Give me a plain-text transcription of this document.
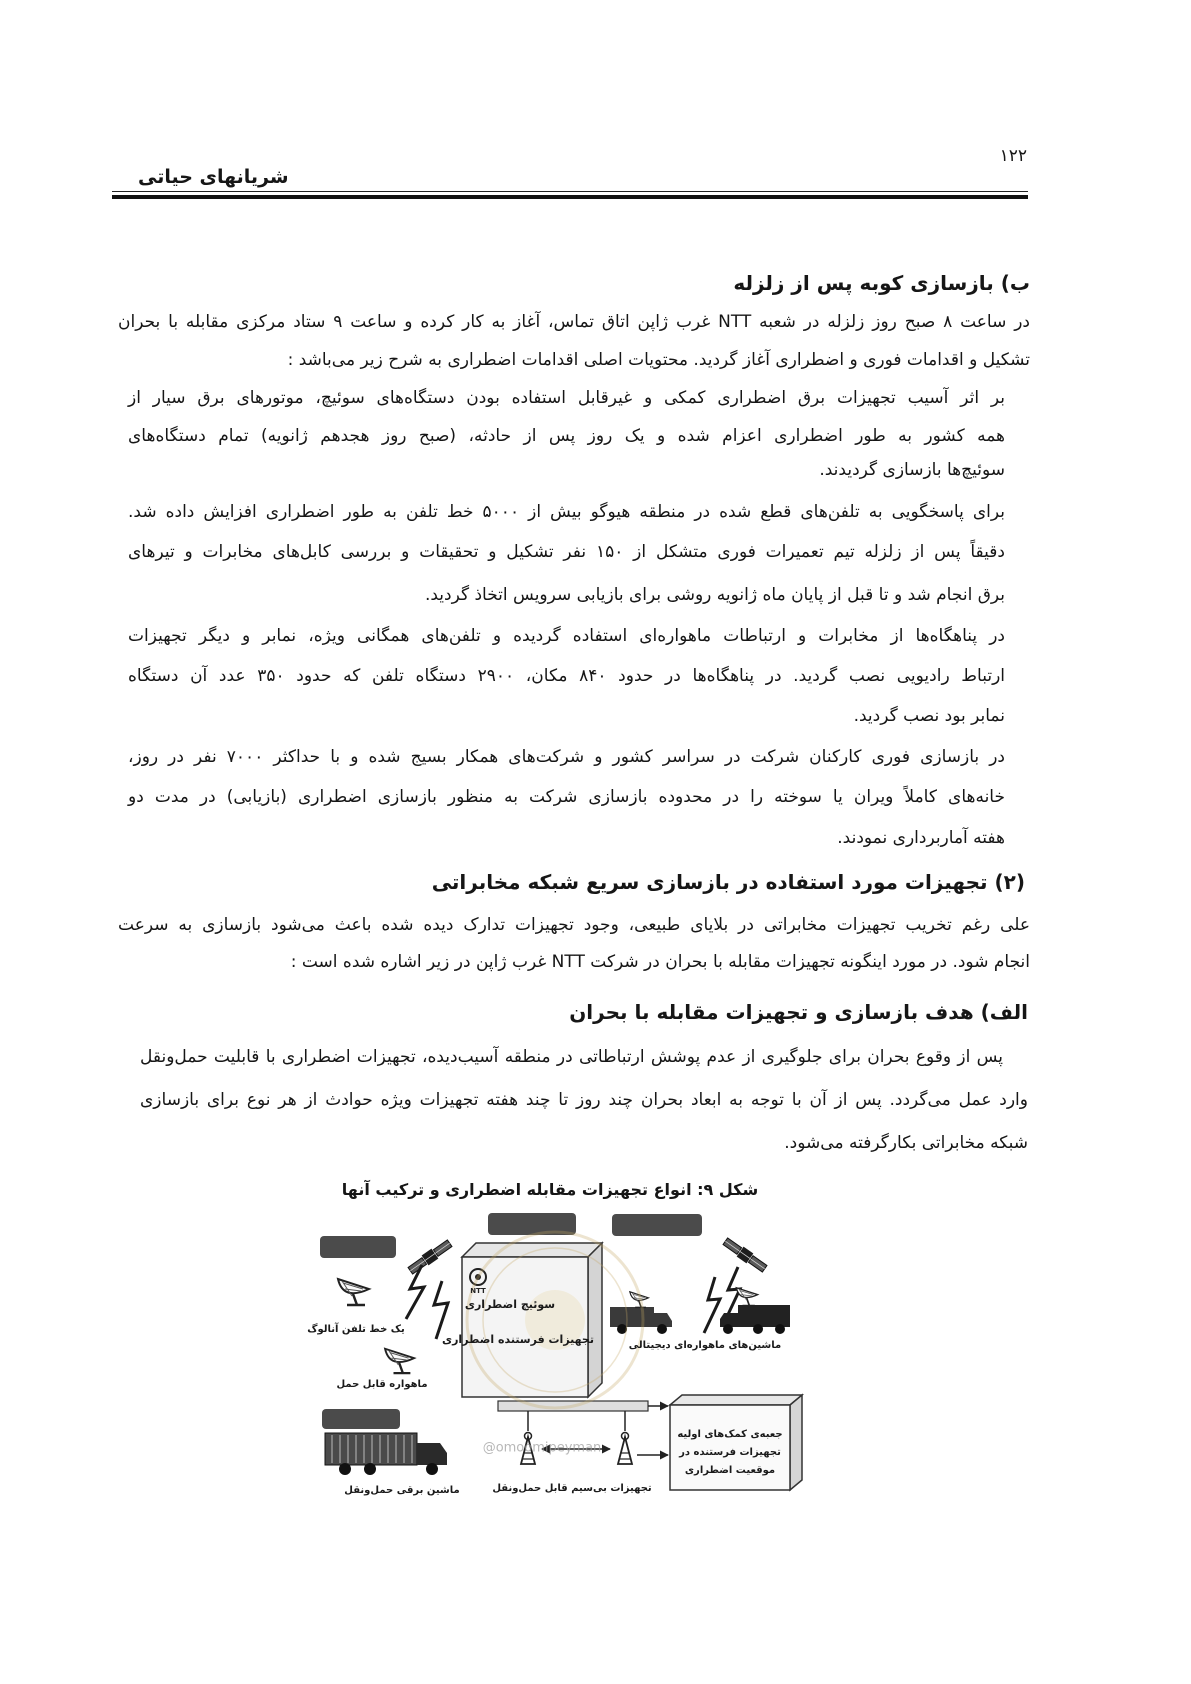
۱۲۲
شریانهای حیاتی
ب) بازسازی کوبه پس از زلزله
در ساعت ۸ صبح روز زلزله در شعبه NTT غرب ژاپن اتاق تماس، آغاز به کار کرده و ساعت ۹ ستاد مرکزی مقابله با بحران
تشکیل و اقدامات فوری و اضطراری آغاز گردید. محتویات اصلی اقدامات اضطراری به شرح زیر می‌باشد :
بر اثر آسیب تجهیزات برق اضطراری کمکی و غیرقابل استفاده بودن دستگاه‌های سوئیچ، موتورهای برق سیار از
همه کشور به طور اضطراری اعزام شده و یک روز پس از حادثه، (صبح روز هجدهم ژانویه) تمام دستگاه‌های
سوئیچ‌ها بازسازی گردیدند.
برای پاسخگویی به تلفن‌های قطع شده در منطقه هیوگو بیش از ۵۰۰۰ خط تلفن به طور اضطراری افزایش داده شد.
دقیقاً پس از زلزله تیم تعمیرات فوری متشکل از ۱۵۰ نفر تشکیل و تحقیقات و بررسی کابل‌های مخابرات و تیرهای
برق انجام شد و تا قبل از پایان ماه ژانویه روشی برای بازیابی سرویس اتخاذ گردید.
در پناهگاه‌ها از مخابرات و ارتباطات ماهواره‌ای استفاده گردیده و تلفن‌های همگانی ویژه، نمابر و دیگر تجهیزات
ارتباط رادیویی نصب گردید. در پناهگاه‌ها در حدود ۸۴۰ مکان، ۲۹۰۰ دستگاه تلفن که حدود ۳۵۰ عدد آن دستگاه
نمابر بود نصب گردید.
در بازسازی فوری کارکنان شرکت در سراسر کشور و شرکت‌های همکار بسیج شده و با حداکثر ۷۰۰۰ نفر در روز،
خانه‌های کاملاً ویران یا سوخته را در محدوده بازسازی شرکت به منظور بازسازی اضطراری (بازیابی) در مدت دو
هفته آماربرداری نمودند.
(۲) تجهیزات مورد استفاده در بازسازی سریع شبکه مخابراتی
علی رغم تخریب تجهیزات مخابراتی در بلایای طبیعی، وجود تجهیزات تدارک دیده شده باعث می‌شود بازسازی به سرعت
انجام شود. در مورد اینگونه تجهیزات مقابله با بحران در شرکت NTT غرب ژاپن در زیر اشاره شده است :
الف) هدف بازسازی و تجهیزات مقابله با بحران
پس از وقوع بحران برای جلوگیری از عدم پوشش ارتباطاتی در منطقه آسیب‌دیده، تجهیزات اضطراری با قابلیت حمل‌ونقل
وارد عمل می‌گردد. پس از آن با توجه به ابعاد بحران چند روز تا چند هفته تجهیزات ویژه حوادث از هر نوع برای بازسازی
شبکه مخابراتی بکارگرفته می‌شود.
شکل ۹: انواع تجهیزات مقابله اضطراری و ترکیب آنها
NTT
سوئیچ اضطراری
تجهیزات فرستنده اضطراری
یک خط تلفن آنالوگ
ماهواره قابل حمل
ماشین‌های ماهواره‌ای دیجیتالی
جعبه‌ی کمک‌های اولیه
تجهیزات فرستنده در
موقعیت اضطراری
ماشین برقی حمل‌ونقل	تجهیزات بی‌سیم قابل حمل‌ونقل
@omoomipeyman
